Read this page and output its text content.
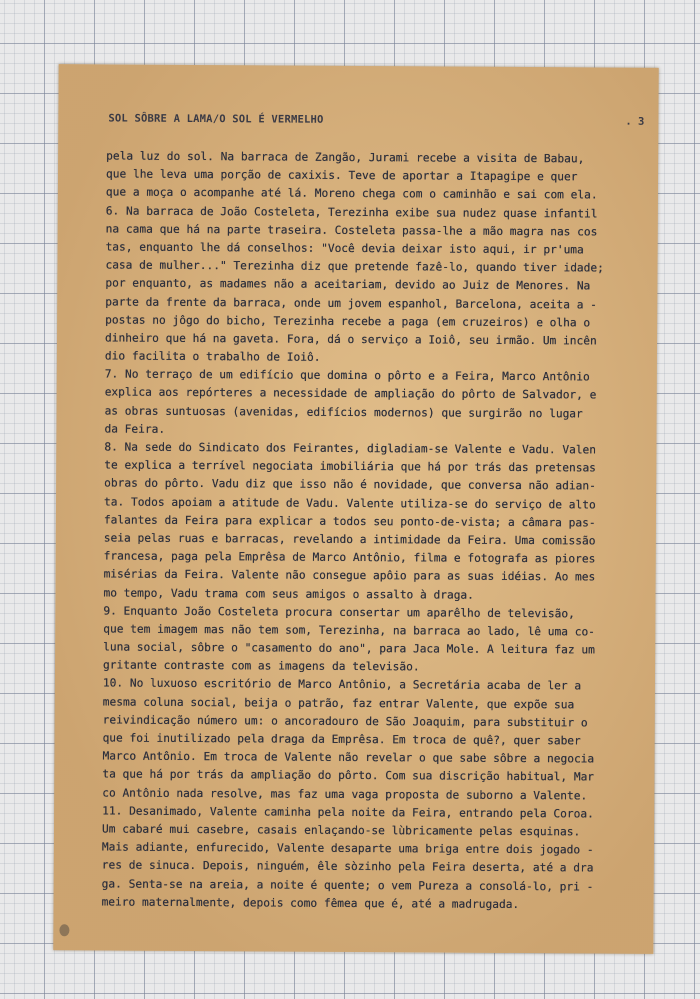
SOL SÔBRE A LAMA/O SOL É VERMELHO	. 3
pela luz do sol. Na barraca de Zangão, Jurami recebe a visita de Babau,
que lhe leva uma porção de caxixis. Teve de aportar a Itapagipe e quer
que a moça o acompanhe até lá. Moreno chega com o caminhão e sai com ela.
6. Na barraca de João Costeleta, Terezinha exibe sua nudez quase infantil
na cama que há na parte traseira. Costeleta passa-lhe a mão magra nas cos
tas, enquanto lhe dá conselhos: "Você devia deixar isto aqui, ir pr'uma
casa de mulher..." Terezinha diz que pretende fazê-lo, quando tiver idade;
por enquanto, as madames não a aceitariam, devido ao Juiz de Menores. Na
parte da frente da barraca, onde um jovem espanhol, Barcelona, aceita a -
postas no jôgo do bicho, Terezinha recebe a paga (em cruzeiros) e olha o
dinheiro que há na gaveta. Fora, dá o serviço a Ioiô, seu irmão. Um incên
dio facilita o trabalho de Ioiô.
7. No terraço de um edifício que domina o pôrto e a Feira, Marco Antônio
explica aos repórteres a necessidade de ampliação do pôrto de Salvador, e
as obras suntuosas (avenidas, edifícios modernos) que surgirão no lugar
da Feira.
8. Na sede do Sindicato dos Feirantes, digladiam-se Valente e Vadu. Valen
te explica a terrível negociata imobiliária que há por trás das pretensas
obras do pôrto. Vadu diz que isso não é novidade, que conversa não adian-
ta. Todos apoiam a atitude de Vadu. Valente utiliza-se do serviço de alto
falantes da Feira para explicar a todos seu ponto-de-vista; a câmara pas-
seia pelas ruas e barracas, revelando a intimidade da Feira. Uma comissão
francesa, paga pela Emprêsa de Marco Antônio, filma e fotografa as piores
misérias da Feira. Valente não consegue apôio para as suas idéias. Ao mes
mo tempo, Vadu trama com seus amigos o assalto à draga.
9. Enquanto João Costeleta procura consertar um aparêlho de televisão,
que tem imagem mas não tem som, Terezinha, na barraca ao lado, lê uma co-
luna social, sôbre o "casamento do ano", para Jaca Mole. A leitura faz um
gritante contraste com as imagens da televisão.
10. No luxuoso escritório de Marco Antônio, a Secretária acaba de ler a
mesma coluna social, beija o patrão, faz entrar Valente, que expõe sua
reivindicação número um: o ancoradouro de São Joaquim, para substituir o
que foi inutilizado pela draga da Emprêsa. Em troca de quê?, quer saber
Marco Antônio. Em troca de Valente não revelar o que sabe sôbre a negocia
ta que há por trás da ampliação do pôrto. Com sua discrição habitual, Mar
co Antônio nada resolve, mas faz uma vaga proposta de suborno a Valente.
11. Desanimado, Valente caminha pela noite da Feira, entrando pela Coroa.
Um cabaré mui casebre, casais enlaçando-se lùbricamente pelas esquinas.
Mais adiante, enfurecido, Valente desaparte uma briga entre dois jogado -
res de sinuca. Depois, ninguém, êle sòzinho pela Feira deserta, até a dra
ga. Senta-se na areia, a noite é quente; o vem Pureza a consolá-lo, pri -
meiro maternalmente, depois como fêmea que é, até a madrugada.
